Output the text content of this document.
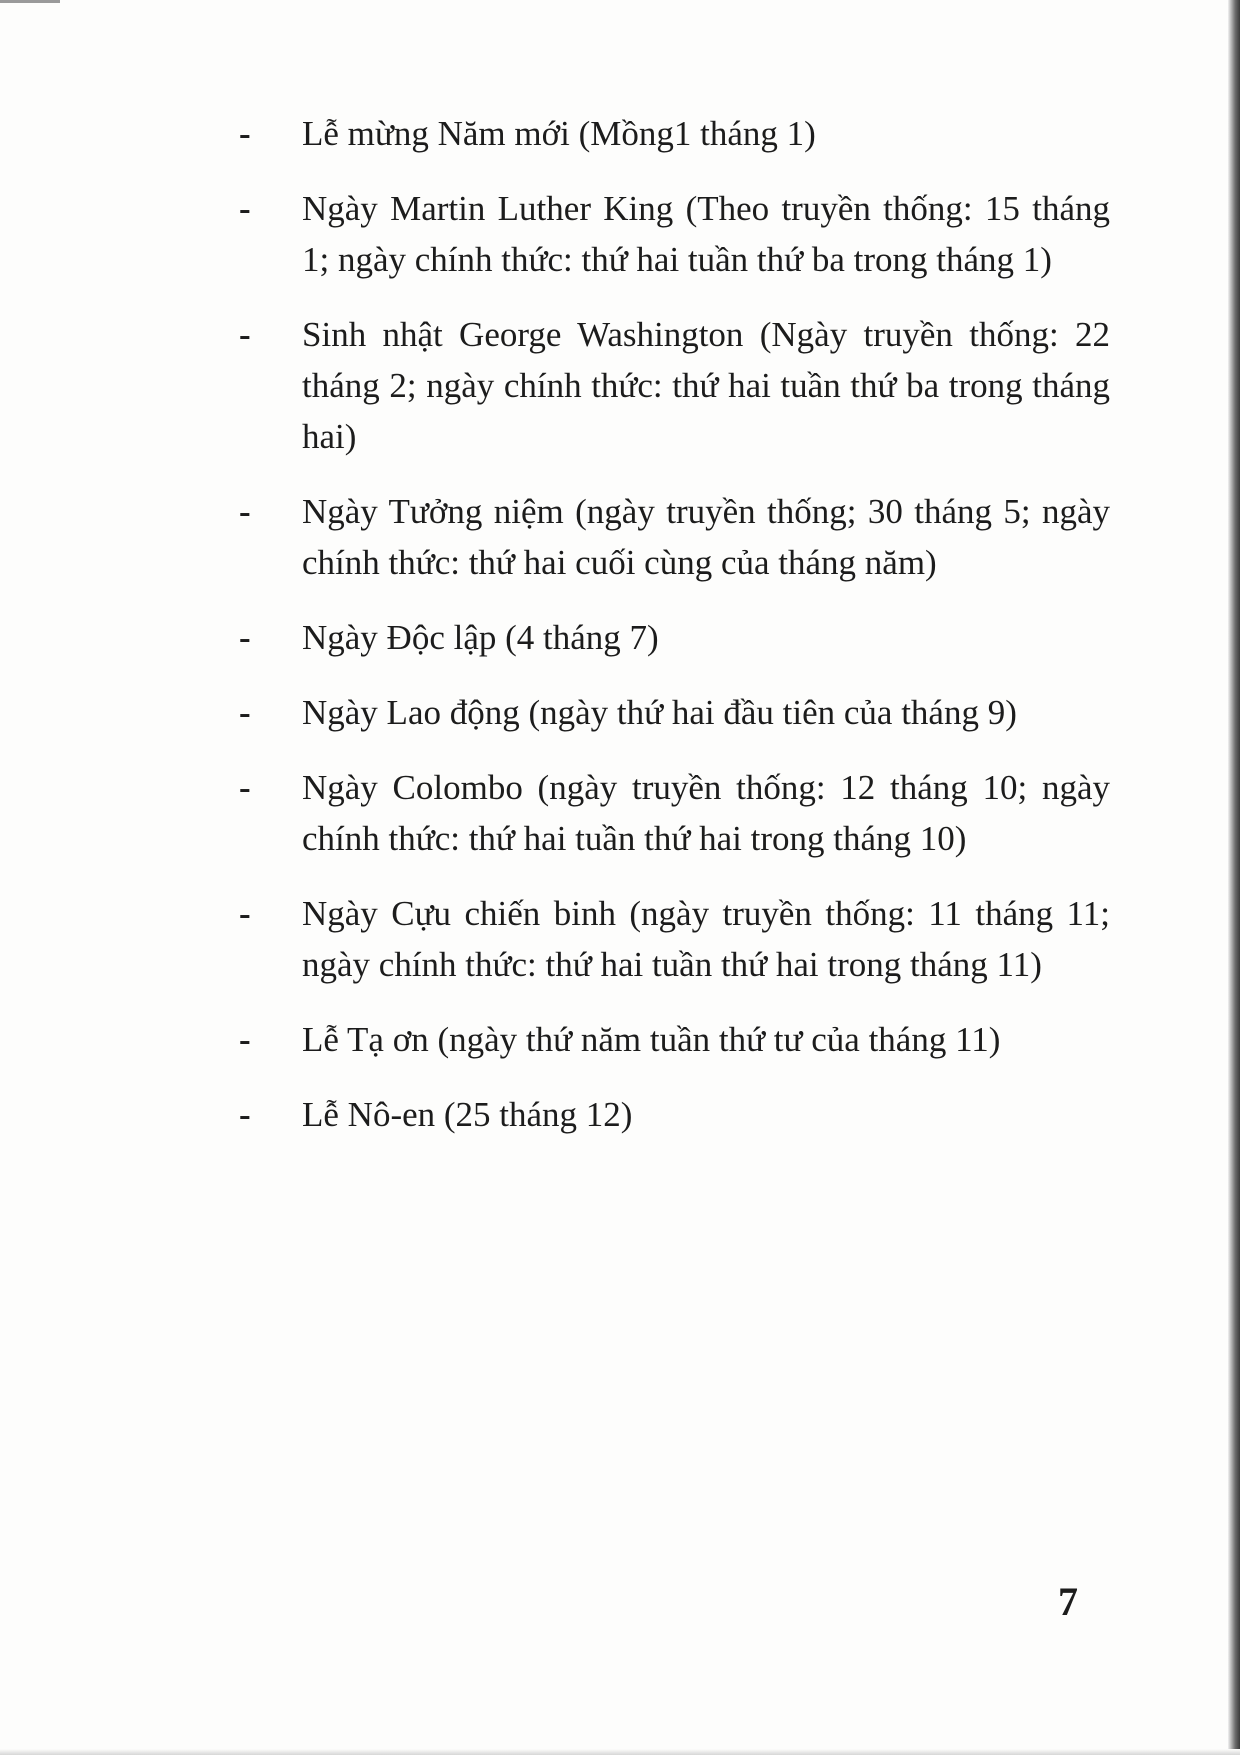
- Lễ mừng Năm mới (Mồng1 tháng 1)
- Ngày Martin Luther King (Theo truyền thống: 15 tháng 1; ngày chính thức: thứ hai tuần thứ ba trong tháng 1)
- Sinh nhật George Washington (Ngày truyền thống: 22 tháng 2; ngày chính thức: thứ hai tuần thứ ba trong tháng hai)
- Ngày Tưởng niệm (ngày truyền thống; 30 tháng 5; ngày chính thức: thứ hai cuối cùng của tháng năm)
- Ngày Độc lập (4 tháng 7)
- Ngày Lao động (ngày thứ hai đầu tiên của tháng 9)
- Ngày Colombo (ngày truyền thống: 12 tháng 10; ngày chính thức: thứ hai tuần thứ hai trong tháng 10)
- Ngày Cựu chiến binh (ngày truyền thống: 11 tháng 11; ngày chính thức: thứ hai tuần thứ hai trong tháng 11)
- Lễ Tạ ơn (ngày thứ năm tuần thứ tư của tháng 11)
- Lễ Nô-en (25 tháng 12)
7
